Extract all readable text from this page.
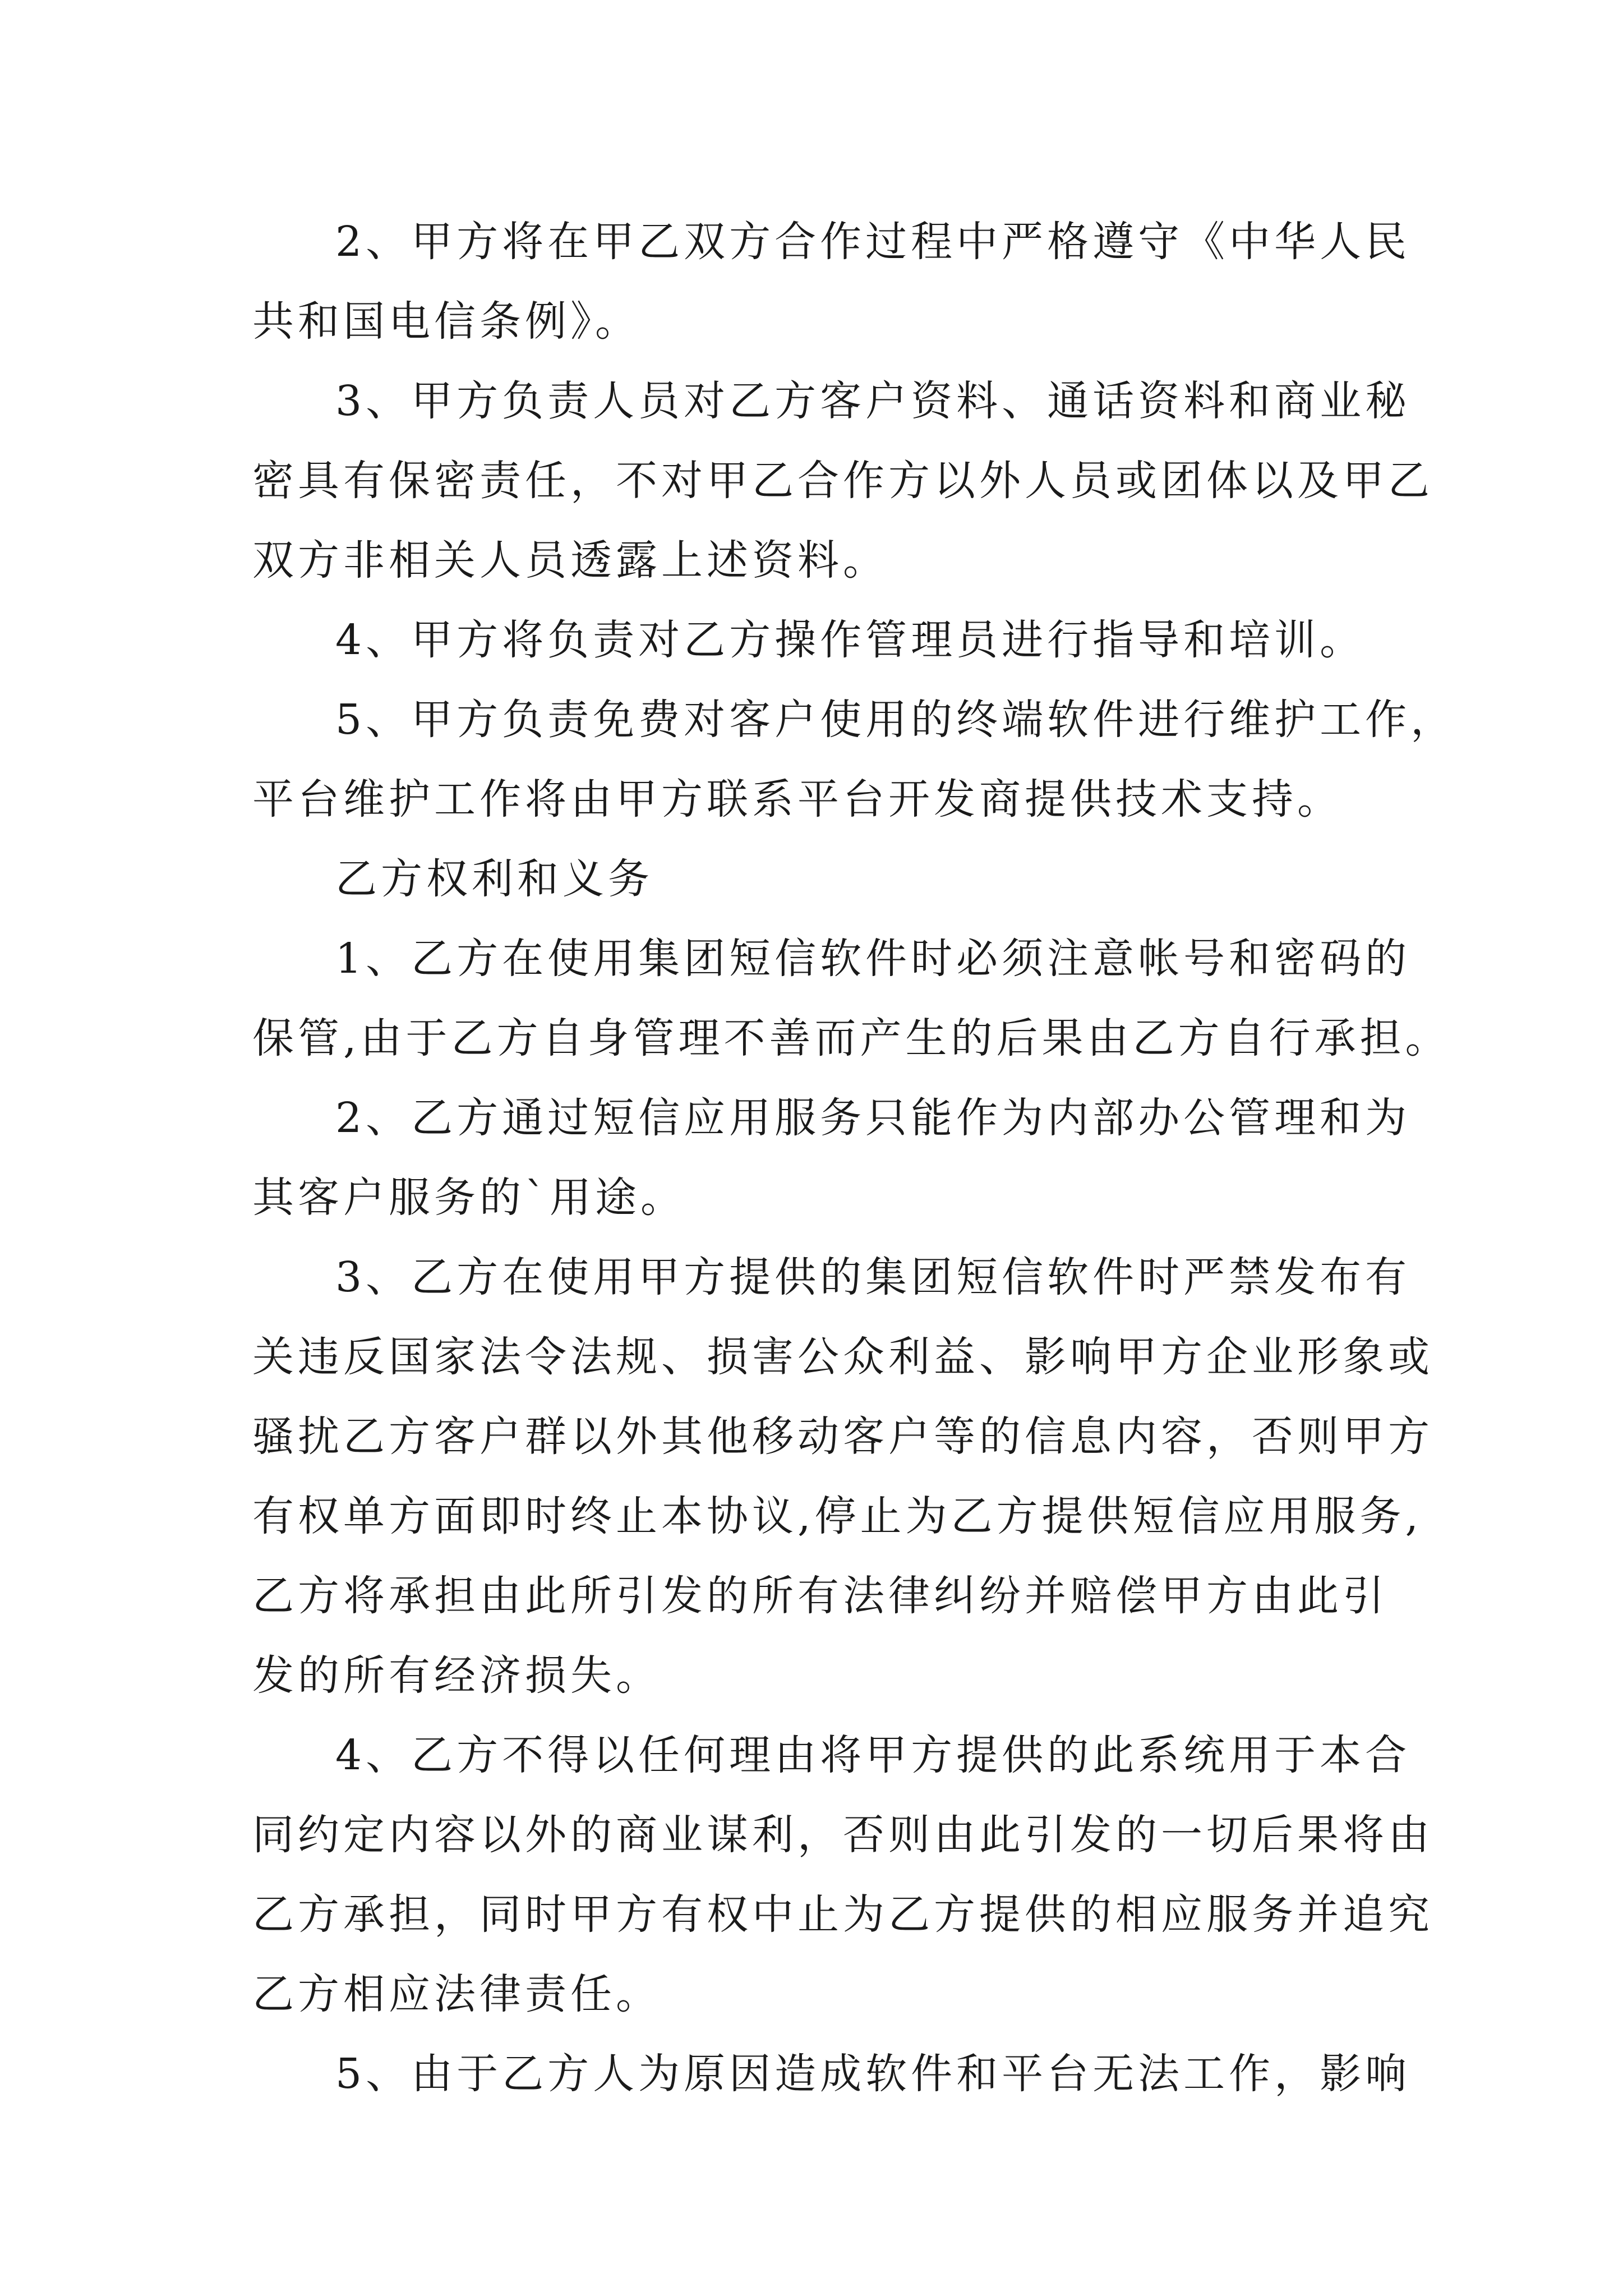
2、甲方将在甲乙双方合作过程中严格遵守《中华人民
共和国电信条例》。
3、甲方负责人员对乙方客户资料、通话资料和商业秘
密具有保密责任，不对甲乙合作方以外人员或团体以及甲乙
双方非相关人员透露上述资料。
4、甲方将负责对乙方操作管理员进行指导和培训。
5、甲方负责免费对客户使用的终端软件进行维护工作，
平台维护工作将由甲方联系平台开发商提供技术支持。
乙方权利和义务
1、乙方在使用集团短信软件时必须注意帐号和密码的
保管,由于乙方自身管理不善而产生的后果由乙方自行承担。
2、乙方通过短信应用服务只能作为内部办公管理和为
其客户服务的`用途。
3、乙方在使用甲方提供的集团短信软件时严禁发布有
关违反国家法令法规、损害公众利益、影响甲方企业形象或
骚扰乙方客户群以外其他移动客户等的信息内容，否则甲方
有权单方面即时终止本协议,停止为乙方提供短信应用服务,
乙方将承担由此所引发的所有法律纠纷并赔偿甲方由此引
发的所有经济损失。
4、乙方不得以任何理由将甲方提供的此系统用于本合
同约定内容以外的商业谋利，否则由此引发的一切后果将由
乙方承担，同时甲方有权中止为乙方提供的相应服务并追究
乙方相应法律责任。
5、由于乙方人为原因造成软件和平台无法工作，影响
